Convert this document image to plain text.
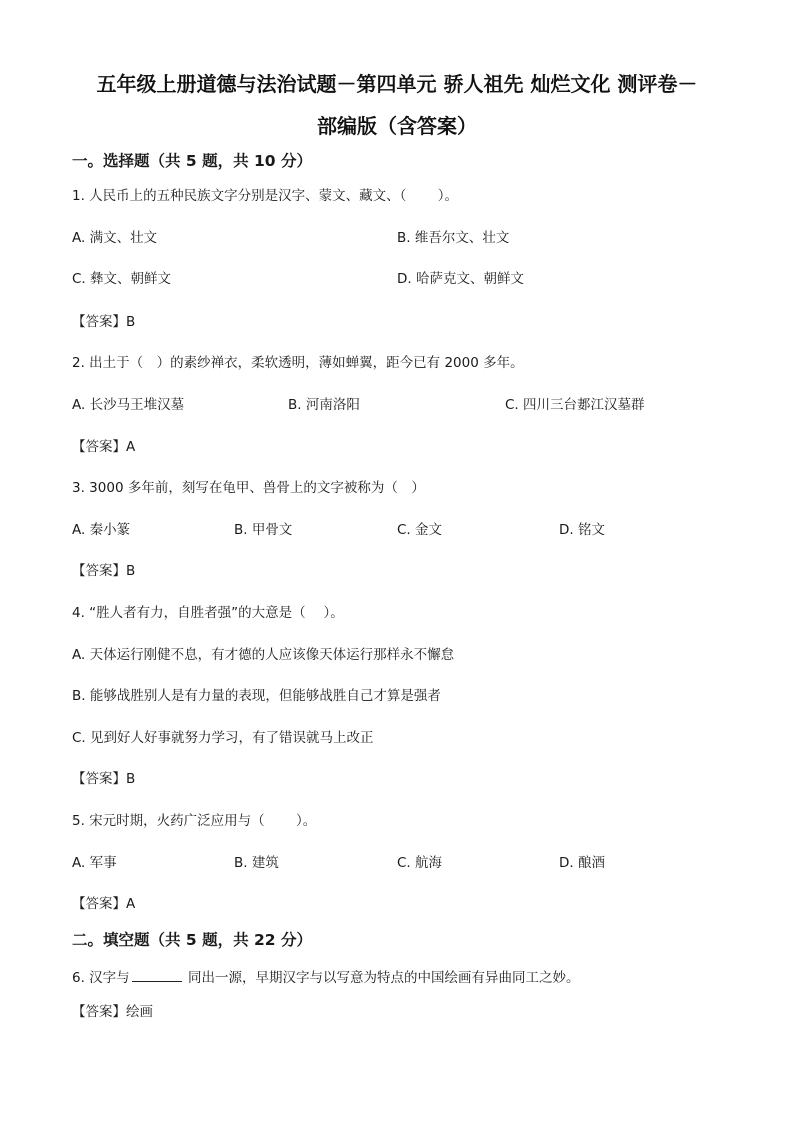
五年级上册道德与法治试题－第四单元 骄人祖先 灿烂文化 测评卷－
部编版（含答案）
一。选择题（共 5 题，共 10 分）
1. 人民币上的五种民族文字分别是汉字、蒙文、藏文、（　　 ）。
A. 满文、壮文	B. 维吾尔文、壮文
C. 彝文、朝鲜文	D. 哈萨克文、朝鲜文
【答案】B
2. 出土于（　）的素纱禅衣，柔软透明，薄如蝉翼，距今已有 2000 多年。
A. 长沙马王堆汉墓	B. 河南洛阳	C. 四川三台郪江汉墓群
【答案】A
3. 3000 多年前，刻写在龟甲、兽骨上的文字被称为（　）
A. 秦小篆	B. 甲骨文	C. 金文	D. 铭文
【答案】B
4. “胜人者有力，自胜者强”的大意是（　 ）。
A. 天体运行刚健不息，有才德的人应该像天体运行那样永不懈怠
B. 能够战胜别人是有力量的表现，但能够战胜自己才算是强者
C. 见到好人好事就努力学习，有了错误就马上改正
【答案】B
5. 宋元时期，火药广泛应用与（　　 ）。
A. 军事	B. 建筑	C. 航海	D. 酿酒
【答案】A
二。填空题（共 5 题，共 22 分）
6. 汉字与	同出一源，早期汉字与以写意为特点的中国绘画有异曲同工之妙。
【答案】绘画
